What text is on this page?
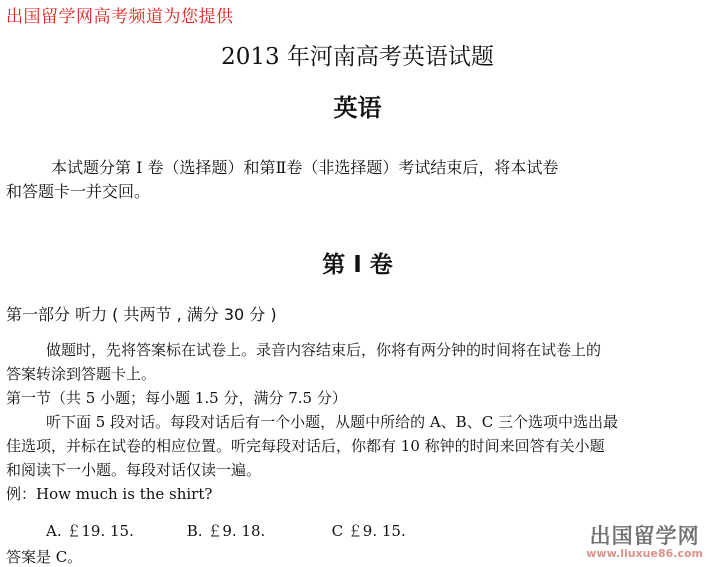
出国留学网高考频道为您提供
2013 年河南高考英语试题
英语
本试题分第 I 卷（选择题）和第Ⅱ卷（非选择题）考试结束后，将本试卷
和答题卡一并交回。
第 I 卷
第一部分 听力 ( 共两节 , 满分 30 分 )
做题时，先将答案标在试卷上。录音内容结束后，你将有两分钟的时间将在试卷上的
答案转涂到答题卡上。
第一节（共 5 小题；每小题 1.5 分，满分 7.5 分）
听下面 5 段对话。每段对话后有一个小题，从题中所给的 A、B、C 三个选项中选出最
佳选项，并标在试卷的相应位置。听完每段对话后，你都有 10 称钟的时间来回答有关小题
和阅读下一小题。每段对话仅读一遍。
例：How much is the shirt?
A. ￡19. 15.	B. ￡9. 18.	C ￡9. 15.
答案是 C。
出国留学网
www.liuxue86.com
